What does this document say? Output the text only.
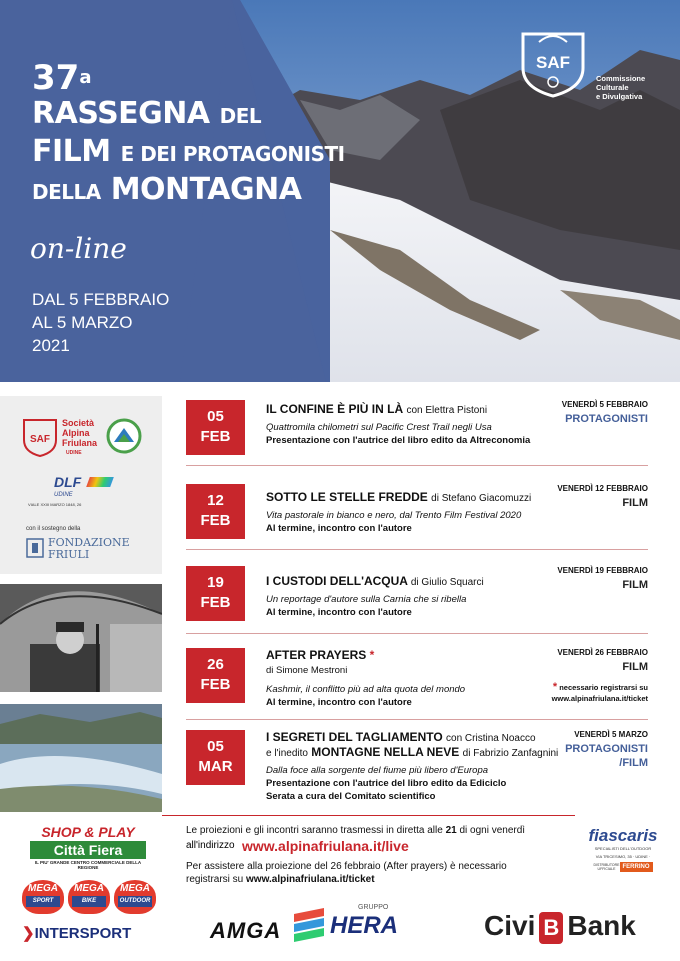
37$^a$
RASSEGNA DEL
FILM E DEI PROTAGONISTI
DELLA MONTAGNA
on-line
DAL 5 FEBBRAIO
AL 5 MARZO
2021
SAF
Commissione
Culturale
e Divulgativa
SAF
Società
Alpina
Friulana
UDINE
DLF
UDINE
VIALE XXIII MARZO 1848, 26
con il sostegno della
FONDAZIONE
FRIULI
05
FEB
IL CONFINE È PIÙ IN LÀ con Elettra Pistoni
Quattromila chilometri sul Pacific Crest Trail negli Usa
Presentazione con l'autrice del libro edito da Altreconomia
VENERDÌ 5 FEBBRAIO
PROTAGONISTI
12
FEB
SOTTO LE STELLE FREDDE di Stefano Giacomuzzi
Vita pastorale in bianco e nero, dal Trento Film Festival 2020
Al termine, incontro con l'autore
VENERDÌ 12 FEBBRAIO
FILM
19
FEB
I CUSTODI DELL'ACQUA di Giulio Squarci
Un reportage d'autore sulla Carnia che si ribella
Al termine, incontro con l'autore
VENERDÌ 19 FEBBRAIO
FILM
26
FEB
AFTER PRAYERS *
di Simone Mestroni
Kashmir, il conflitto più ad alta quota del mondo
Al termine, incontro con l'autore
VENERDÌ 26 FEBBRAIO
FILM
* necessario registrarsi su
www.alpinafriulana.it/ticket
05
MAR
I SEGRETI DEL TAGLIAMENTO con Cristina Noacco
e l'inedito MONTAGNE NELLA NEVE di Fabrizio Zanfagnini
Dalla foce alla sorgente del fiume più libero d'Europa
Presentazione con l'autrice del libro edito da Ediciclo
Serata a cura del Comitato scientifico
VENERDÌ 5 MARZO
PROTAGONISTI
/FILM
Le proiezioni e gli incontri saranno trasmessi in diretta alle 21 di ogni venerdì
all'indirizzo www.alpinafriulana.it/live
Per assistere alla proiezione del 26 febbraio (After prayers) è necessario
registrarsi su www.alpinafriulana.it/ticket
SHOP & PLAY
Città Fiera
IL PIU' GRANDE CENTRO COMMERCIALE DELLA REGIONE
MEGA
SPORT
MEGA
BIKE
MEGA
OUTDOOR
❯INTERSPORT	AMGA
GRUPPO
HERA	Civi B Bank
fiascaris
SPECIALISTI DELL'OUTDOOR
VIA TRICESIMO, 35 · UDINE ·
DISTRIBUTORE UFFICIALE	FERRINO
